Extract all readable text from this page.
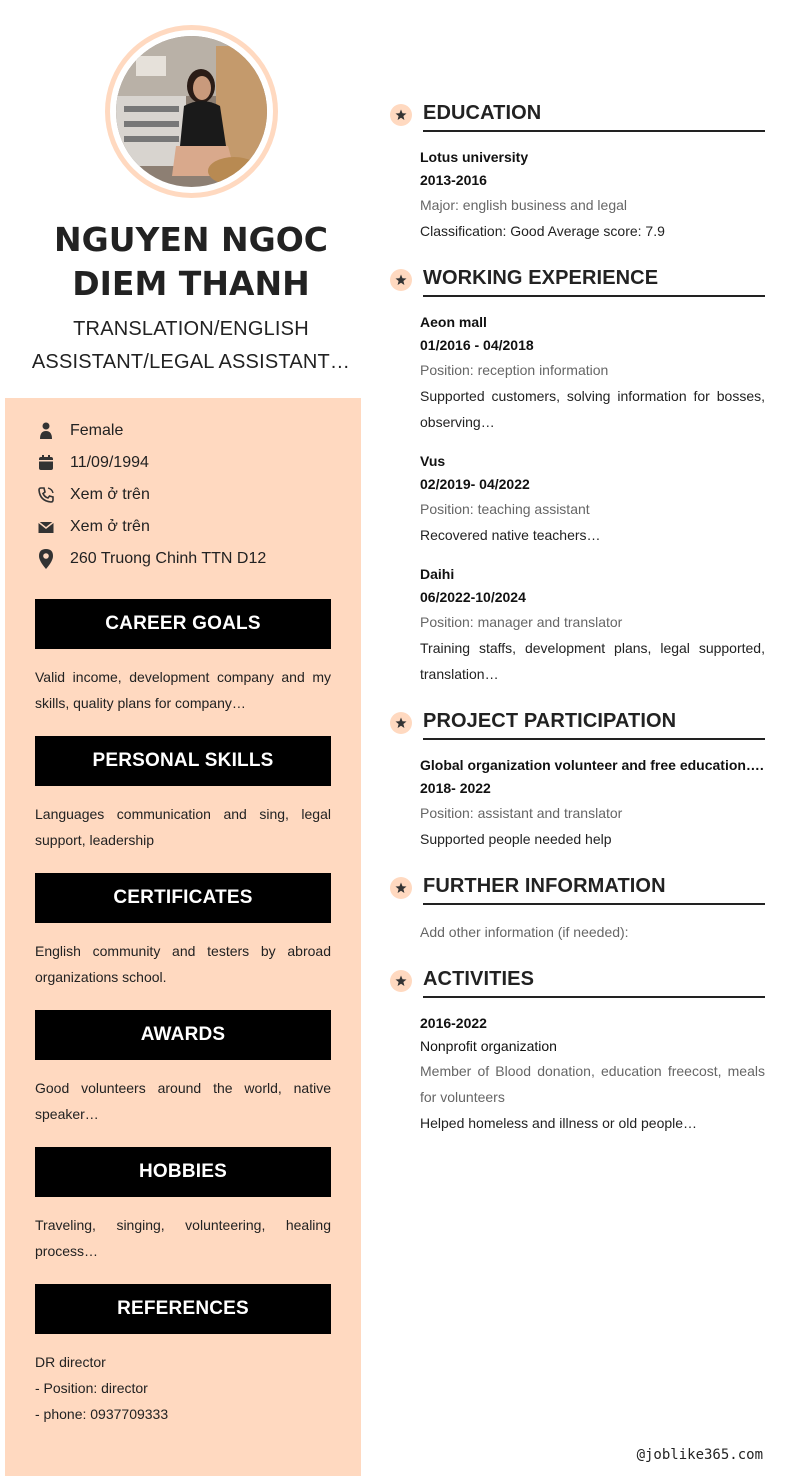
NGUYEN NGOC DIEM THANH
TRANSLATION/ENGLISH ASSISTANT/LEGAL ASSISTANT…
Female
11/09/1994
Xem ở trên
Xem ở trên
260 Truong Chinh TTN D12
CAREER GOALS
Valid income, development company and my skills, quality plans for company…
PERSONAL SKILLS
Languages communication and sing, legal support, leadership
CERTIFICATES
English community and testers by abroad organizations school.
AWARDS
Good volunteers around the world, native speaker…
HOBBIES
Traveling, singing, volunteering, healing process…
REFERENCES
DR director
- Position: director
- phone: 0937709333
EDUCATION
Lotus university
2013-2016
Major: english business and legal
Classification: Good Average score: 7.9
WORKING EXPERIENCE
Aeon mall
01/2016 - 04/2018
Position: reception information
Supported customers, solving information for bosses, observing…
Vus
02/2019- 04/2022
Position: teaching assistant
Recovered native teachers…
Daihi
06/2022-10/2024
Position: manager and translator
Training staffs, development plans, legal supported, translation…
PROJECT PARTICIPATION
Global organization volunteer and free education….
2018- 2022
Position: assistant and translator
Supported people needed help
FURTHER INFORMATION
Add other information (if needed):
ACTIVITIES
2016-2022
Nonprofit organization
Member of Blood donation, education freecost, meals for volunteers
Helped homeless and illness or old people…
@joblike365.com
